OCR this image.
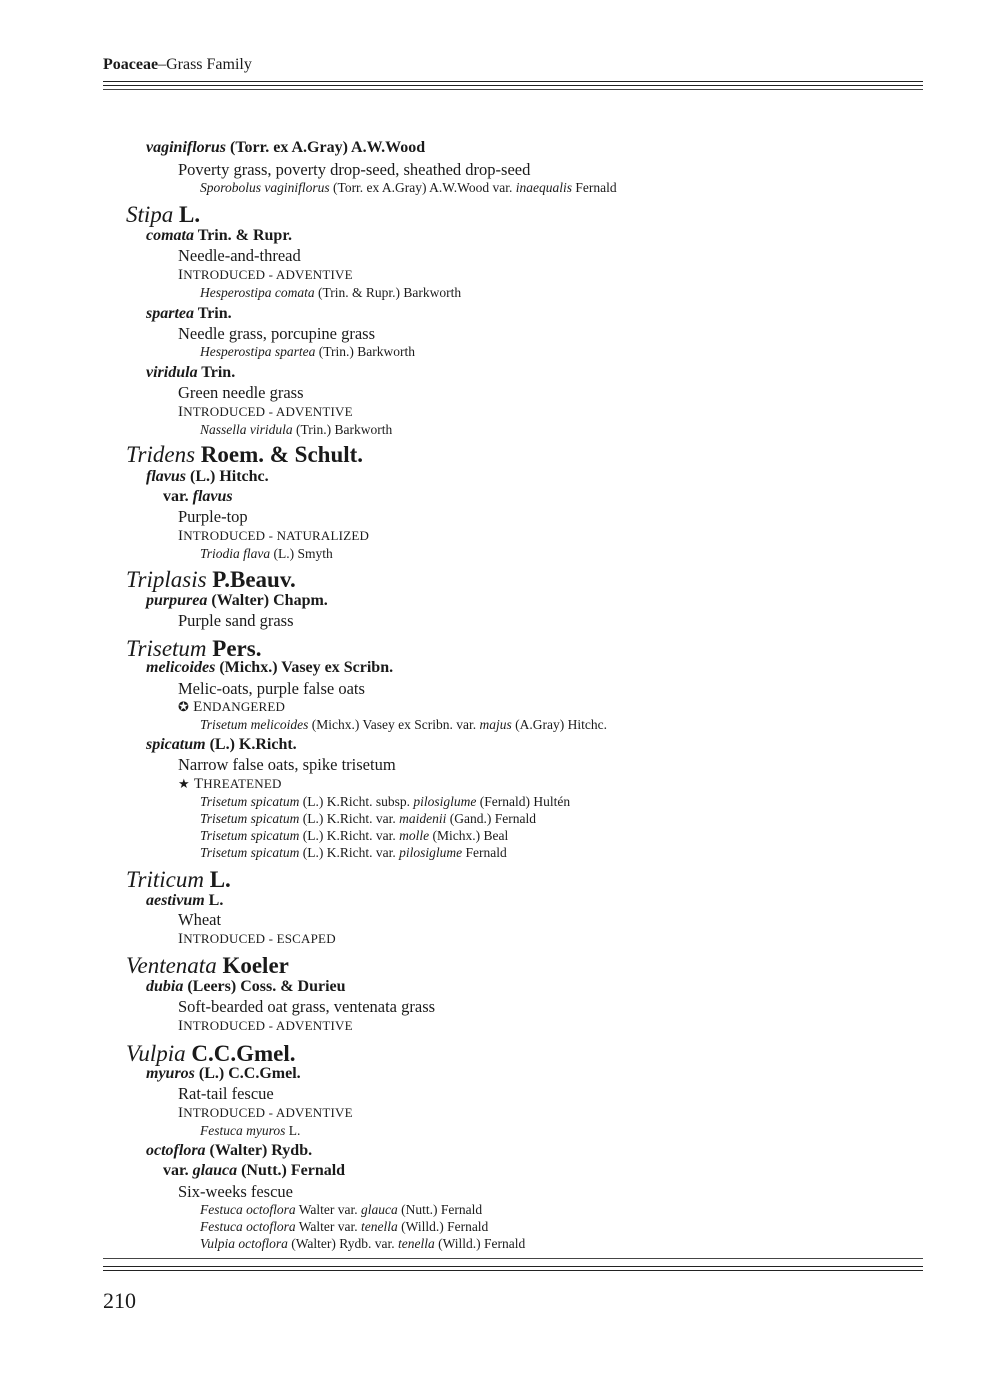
Poaceae–Grass Family
vaginiflorus (Torr. ex A.Gray) A.W.Wood
Poverty grass, poverty drop-seed, sheathed drop-seed
Sporobolus vaginiflorus (Torr. ex A.Gray) A.W.Wood var. inaequalis Fernald
Stipa L.
comata Trin. & Rupr.
Needle-and-thread
INTRODUCED - ADVENTIVE
Hesperostipa comata (Trin. & Rupr.) Barkworth
spartea Trin.
Needle grass, porcupine grass
Hesperostipa spartea (Trin.) Barkworth
viridula Trin.
Green needle grass
INTRODUCED - ADVENTIVE
Nassella viridula (Trin.) Barkworth
Tridens Roem. & Schult.
flavus (L.) Hitchc.
var. flavus
Purple-top
INTRODUCED - NATURALIZED
Triodia flava (L.) Smyth
Triplasis P.Beauv.
purpurea (Walter) Chapm.
Purple sand grass
Trisetum Pers.
melicoides (Michx.) Vasey ex Scribn.
Melic-oats, purple false oats
✪ ENDANGERED
Trisetum melicoides (Michx.) Vasey ex Scribn. var. majus (A.Gray) Hitchc.
spicatum (L.) K.Richt.
Narrow false oats, spike trisetum
★ THREATENED
Trisetum spicatum (L.) K.Richt. subsp. pilosiglume (Fernald) Hultén
Trisetum spicatum (L.) K.Richt. var. maidenii (Gand.) Fernald
Trisetum spicatum (L.) K.Richt. var. molle (Michx.) Beal
Trisetum spicatum (L.) K.Richt. var. pilosiglume Fernald
Triticum L.
aestivum L.
Wheat
INTRODUCED - ESCAPED
Ventenata Koeler
dubia (Leers) Coss. & Durieu
Soft-bearded oat grass, ventenata grass
INTRODUCED - ADVENTIVE
Vulpia C.C.Gmel.
myuros (L.) C.C.Gmel.
Rat-tail fescue
INTRODUCED - ADVENTIVE
Festuca myuros L.
octoflora (Walter) Rydb.
var. glauca (Nutt.) Fernald
Six-weeks fescue
Festuca octoflora Walter var. glauca (Nutt.) Fernald
Festuca octoflora Walter var. tenella (Willd.) Fernald
Vulpia octoflora (Walter) Rydb. var. tenella (Willd.) Fernald
210
